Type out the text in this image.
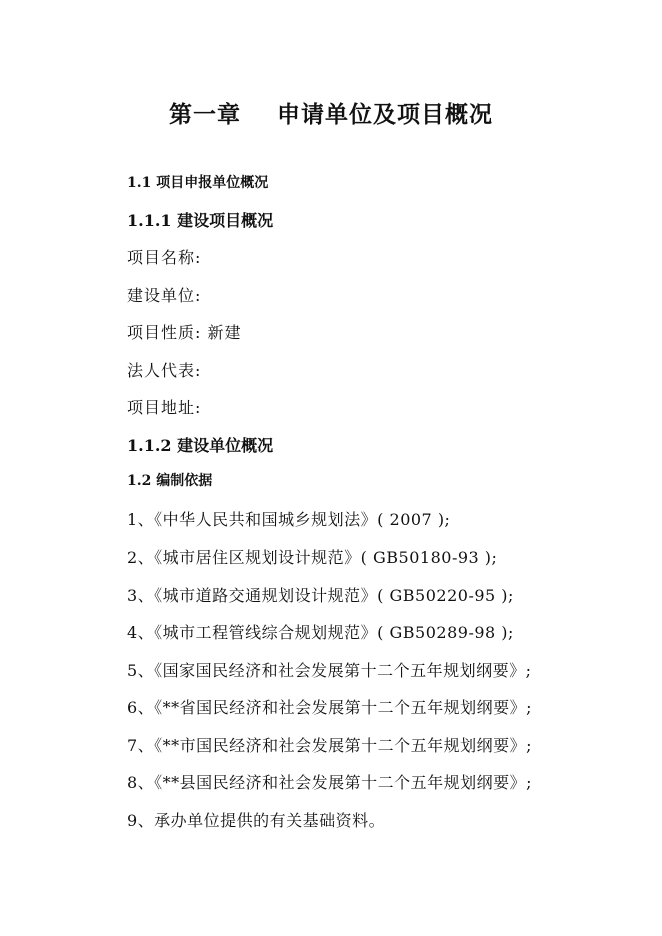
第一章    申请单位及项目概况
1.1 项目申报单位概况
1.1.1 建设项目概况
项目名称:
建设单位:
项目性质: 新建
法人代表:
项目地址:
1.1.2 建设单位概况
1.2 编制依据
1、《中华人民共和国城乡规划法》( 2007 );
2、《城市居住区规划设计规范》( GB50180-93 );
3、《城市道路交通规划设计规范》( GB50220-95 );
4、《城市工程管线综合规划规范》( GB50289-98 );
5、《国家国民经济和社会发展第十二个五年规划纲要》;
6、《**省国民经济和社会发展第十二个五年规划纲要》;
7、《**市国民经济和社会发展第十二个五年规划纲要》;
8、《**县国民经济和社会发展第十二个五年规划纲要》;
9、承办单位提供的有关基础资料。
